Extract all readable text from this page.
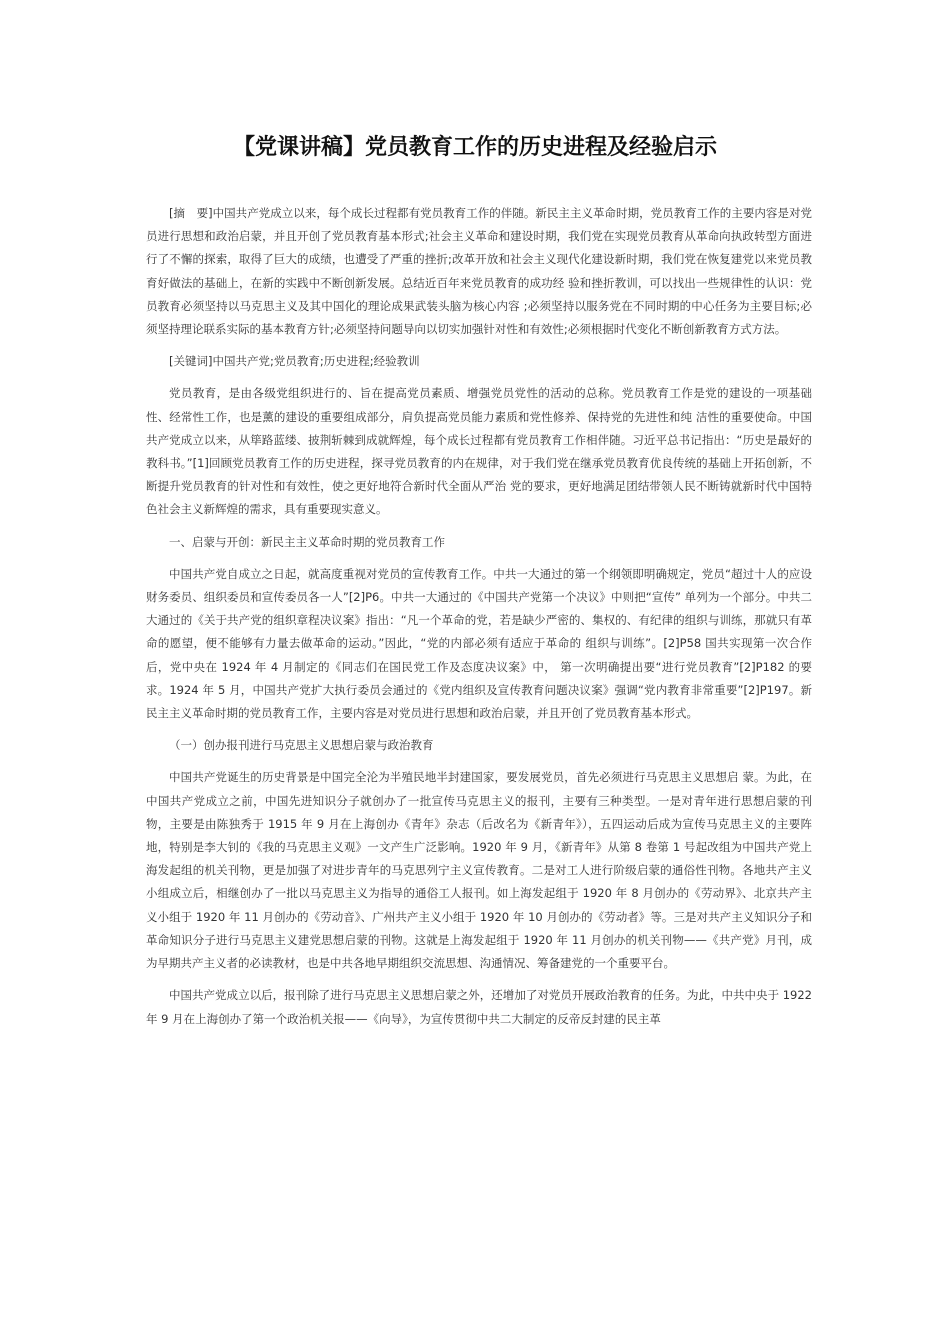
【党课讲稿】党员教育工作的历史进程及经验启示

[摘　要]中国共产党成立以来，每个成长过程都有党员教育工作的伴随。新民主主义革命时期，党员教育工作的主要内容是对党员进行思想和政治启蒙，并且开创了党员教育基本形式;社会主义革命和建设时期，我们党在实现党员教育从革命向执政转型方面进行了不懈的探索，取得了巨大的成绩，也遭受了严重的挫折;改革开放和社会主义现代化建设新时期，我们党在恢复建党以来党员教育好做法的基础上，在新的实践中不断创新发展。总结近百年来党员教育的成功经 验和挫折教训，可以找出一些规律性的认识：党员教育必须坚持以马克思主义及其中国化的理论成果武装头脑为核心内容 ;必须坚持以服务党在不同时期的中心任务为主要目标;必须坚持理论联系实际的基本教育方针;必须坚持问题导向以切实加强针对性和有效性;必须根据时代变化不断创新教育方式方法。

[关键词]中国共产党;党员教育;历史进程;经验教训

党员教育，是由各级党组织进行的、旨在提高党员素质、增强党员党性的活动的总称。党员教育工作是党的建设的一项基础性、经常性工作，也是薰的建设的重要组成部分，肩负提高党员能力素质和党性修养、保持党的先进性和纯 洁性的重要使命。中国共产党成立以来，从筚路蓝缕、披荆斩棘到成就辉煌，每个成长过程都有党员教育工作相伴随。习近平总书记指出：“历史是最好的教科书。”[1]回顾党员教育工作的历史进程，探寻党员教育的内在规律，对于我们党在继承党员教育优良传统的基础上开拓创新，不断提升党员教育的针对性和有效性，使之更好地符合新时代全面从严治 党的要求，更好地满足团结带领人民不断铸就新时代中国特色社会主义新辉煌的需求，具有重要现实意义。

一、启蒙与开创：新民主主义革命时期的党员教育工作

中国共产党自成立之日起，就高度重视对党员的宣传教育工作。中共一大通过的第一个纲领即明确规定，党员“超过十人的应设财务委员、组织委员和宣传委员各一人”[2]P6。中共一大通过的《中国共产党第一个决议》中则把“宣传” 单列为一个部分。中共二大通过的《关于共产党的组织章程决议案》指出：“凡一个革命的党，若是缺少严密的、集权的、有纪律的组织与训练，那就只有革命的愿望，便不能够有力量去做革命的运动。”因此，“党的内部必须有适应于革命的 组织与训练”。[2]P58 国共实现第一次合作后，党中央在 1924 年 4 月制定的《同志们在国民党工作及态度决议案》中， 第一次明确提出要“进行党员教育”[2]P182 的要求。1924 年 5 月，中国共产党扩大执行委员会通过的《党内组织及宣传教育问题决议案》强调“党内教育非常重要”[2]P197。新民主主义革命时期的党员教育工作，主要内容是对党员进行思想和政治启蒙，并且开创了党员教育基本形式。

（一）创办报刊进行马克思主义思想启蒙与政治教育

中国共产党诞生的历史背景是中国完全沦为半殖民地半封建国家，要发展党员，首先必须进行马克思主义思想启 蒙。为此，在中国共产党成立之前，中国先进知识分子就创办了一批宣传马克思主义的报刊，主要有三种类型。一是对青年进行思想启蒙的刊物，主要是由陈独秀于 1915 年 9 月在上海创办《青年》杂志（后改名为《新青年》），五四运动后成为宣传马克思主义的主要阵地，特别是李大钊的《我的马克思主义观》一文产生广泛影响。1920 年 9 月，《新青年》从第 8 卷第 1 号起改组为中国共产党上海发起组的机关刊物，更是加强了对进步青年的马克思列宁主义宣传教育。二是对工人进行阶级启蒙的通俗性刊物。各地共产主义小组成立后，相继创办了一批以马克思主义为指导的通俗工人报刊。如上海发起组于 1920 年 8 月创办的《劳动界》、北京共产主义小组于 1920 年 11 月创办的《劳动音》、广州共产主义小组于 1920 年 10 月创办的《劳动者》等。三是对共产主义知识分子和革命知识分子进行马克思主义建党思想启蒙的刊物。这就是上海发起组于 1920 年 11 月创办的机关刊物——《共产党》月刊，成为早期共产主义者的必读教材，也是中共各地早期组织交流思想、沟通情况、筹备建党的一个重要平台。

中国共产党成立以后，报刊除了进行马克思主义思想启蒙之外，还增加了对党员开展政治教育的任务。为此，中共中央于 1922 年 9 月在上海创办了第一个政治机关报——《向导》，为宣传贯彻中共二大制定的反帝反封建的民主革
